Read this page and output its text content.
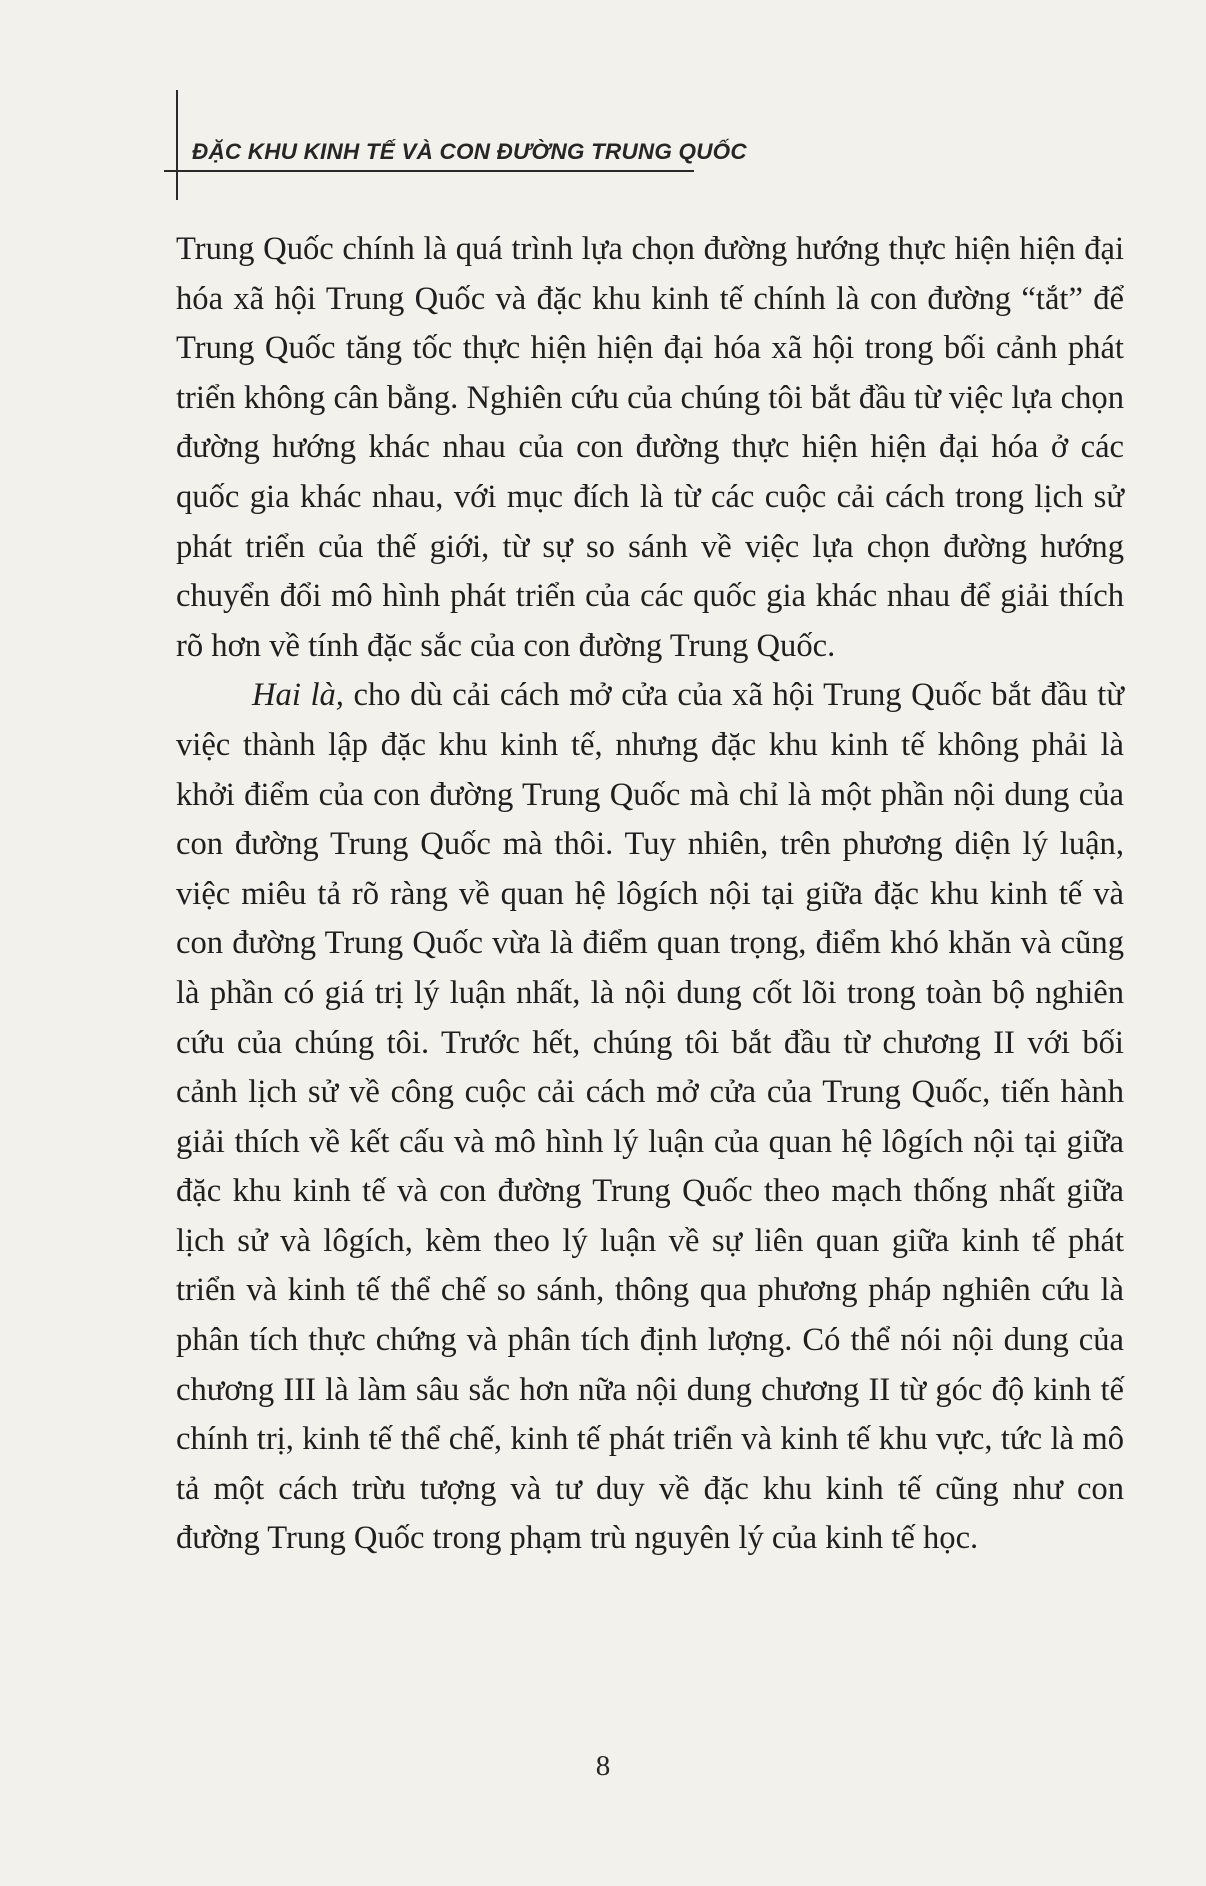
ĐẶC KHU KINH TẾ VÀ CON ĐƯỜNG TRUNG QUỐC

Trung Quốc chính là quá trình lựa chọn đường hướng thực hiện hiện đại hóa xã hội Trung Quốc và đặc khu kinh tế chính là con đường “tắt” để Trung Quốc tăng tốc thực hiện hiện đại hóa xã hội trong bối cảnh phát triển không cân bằng. Nghiên cứu của chúng tôi bắt đầu từ việc lựa chọn đường hướng khác nhau của con đường thực hiện hiện đại hóa ở các quốc gia khác nhau, với mục đích là từ các cuộc cải cách trong lịch sử phát triển của thế giới, từ sự so sánh về việc lựa chọn đường hướng chuyển đổi mô hình phát triển của các quốc gia khác nhau để giải thích rõ hơn về tính đặc sắc của con đường Trung Quốc.

Hai là, cho dù cải cách mở cửa của xã hội Trung Quốc bắt đầu từ việc thành lập đặc khu kinh tế, nhưng đặc khu kinh tế không phải là khởi điểm của con đường Trung Quốc mà chỉ là một phần nội dung của con đường Trung Quốc mà thôi. Tuy nhiên, trên phương diện lý luận, việc miêu tả rõ ràng về quan hệ lôgích nội tại giữa đặc khu kinh tế và con đường Trung Quốc vừa là điểm quan trọng, điểm khó khăn và cũng là phần có giá trị lý luận nhất, là nội dung cốt lõi trong toàn bộ nghiên cứu của chúng tôi. Trước hết, chúng tôi bắt đầu từ chương II với bối cảnh lịch sử về công cuộc cải cách mở cửa của Trung Quốc, tiến hành giải thích về kết cấu và mô hình lý luận của quan hệ lôgích nội tại giữa đặc khu kinh tế và con đường Trung Quốc theo mạch thống nhất giữa lịch sử và lôgích, kèm theo lý luận về sự liên quan giữa kinh tế phát triển và kinh tế thể chế so sánh, thông qua phương pháp nghiên cứu là phân tích thực chứng và phân tích định lượng. Có thể nói nội dung của chương III là làm sâu sắc hơn nữa nội dung chương II từ góc độ kinh tế chính trị, kinh tế thể chế, kinh tế phát triển và kinh tế khu vực, tức là mô tả một cách trừu tượng và tư duy về đặc khu kinh tế cũng như con đường Trung Quốc trong phạm trù nguyên lý của kinh tế học.

8
